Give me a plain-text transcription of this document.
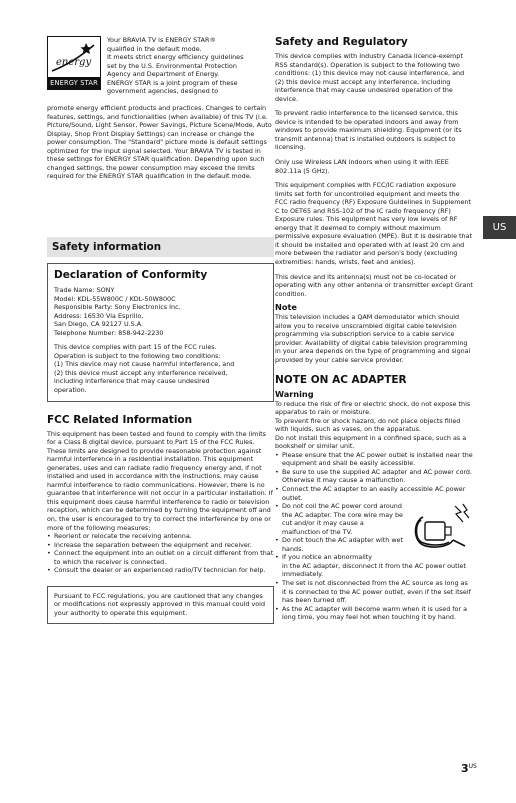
energy
ENERGY STAR

Your BRAVIA TV is ENERGY STAR®

qualified in the default mode.

It meets strict energy efficiency guidelines

set by the U.S. Environmental Protection

Agency and Department of Energy.

ENERGY STAR is a joint program of these

government agencies, designed to

promote energy efficient products and practices. Changes to certain features, settings, and functionalities (when available) of this TV (i.e. Picture/Sound, Light Sensor, Power Savings, Picture Scene/Mode, Auto Display, Shop Front Display Settings) can increase or change the power consumption. The "Standard" picture mode is default settings optimized for the input signal selected. Your BRAVIA TV is tested in these settings for ENERGY STAR qualification. Depending upon such changed settings, the power consumption may exceed the limits required for the ENERGY STAR qualification in the default mode.

Safety information
Declaration of Conformity

Trade Name: SONY

Model: KDL-55W800C / KDL-50W800C

Responsible Party: Sony Electronics Inc.

Address: 16530 Via Esprillo,

San Diego, CA 92127 U.S.A.

Telephone Number: 858-942-2230

This device complies with part 15 of the FCC rules.

Operation is subject to the following two conditions:

(1) This device may not cause harmful interference, and

(2) this device must accept any interference received,

including interference that may cause undesired

operation.

FCC Related Information

This equipment has been tested and found to comply with the limits for a Class B digital device, pursuant to Part 15 of the FCC Rules. These limits are designed to provide reasonable protection against harmful interference in a residential installation. This equipment generates, uses and can radiate radio frequency energy and, if not installed and used in accordance with the instructions, may cause harmful interference to radio communications. However, there is no guarantee that interference will not occur in a particular installation. If this equipment does cause harmful interference to radio or television reception, which can be determined by turning the equipment off and on, the user is encouraged to try to correct the interference by one or more of the following measures:

• Reorient or relocate the receiving antenna.
• Increase the separation between the equipment and receiver.
• Connect the equipment into an outlet on a circuit different from that to which the receiver is connected.
• Consult the dealer or an experienced radio/TV technician for help.

Pursuant to FCC regulations, you are cautioned that any changes or modifications not expressly approved in this manual could void your authority to operate this equipment.

Safety and Regulatory

This device complies with Industry Canada licence-exempt RSS standard(s). Operation is subject to the following two conditions: (1) this device may not cause interference, and (2) this device must accept any interference, including interference that may cause undesired operation of the device.

To prevent radio interference to the licensed service, this device is intended to be operated indoors and away from windows to provide maximum shielding. Equipment (or its transmit antenna) that is installed outdoors is subject to licensing.

Only use Wireless LAN indoors when using it with IEEE 802.11a (5 GHz).

This equipment complies with FCC/IC radiation exposure limits set forth for uncontrolled equipment and meets the FCC radio frequency (RF) Exposure Guidelines in Supplement C to OET65 and RSS-102 of the IC radio frequency (RF) Exposure rules. This equipment has very low levels of RF energy that it deemed to comply without maximum permissive exposure evaluation (MPE). But it is desirable that it should be installed and operated with at least 20 cm and more between the radiator and person's body (excluding extremities: hands, wrists, feet and ankles).

This device and its antenna(s) must not be co-located or operating with any other antenna or transmitter except Grant condition.

Note

This television includes a QAM demodulator which should allow you to receive unscrambled digital cable television programming via subscription service to a cable service provider. Availability of digital cable television programming in your area depends on the type of programming and signal provided by your cable service provider.

NOTE ON AC ADAPTER
Warning

To reduce the risk of fire or electric shock, do not expose this apparatus to rain or moisture.

To prevent fire or shock hazard, do not place objects filled with liquids, such as vases, on the apparatus.

Do not install this equipment in a confined space, such as a bookshelf or similar unit.

• Please ensure that the AC power outlet is installed near the equipment and shall be easily accessible.
• Be sure to use the supplied AC adapter and AC power cord. Otherwise it may cause a malfunction.
• Connect the AC adapter to an easily accessible AC power outlet.
• Do not coil the AC power cord around the AC adapter. The core wire may be cut and/or it may cause a malfunction of the TV.
• Do not touch the AC adapter with wet hands.
• If you notice an abnormality

in the AC adapter, disconnect it from the AC power outlet immediately.

• The set is not disconnected from the AC source as long as it is connected to the AC power outlet, even if the set itself has been turned off.
• As the AC adapter will become warm when it is used for a long time, you may feel hot when touching it by hand.
US
$3^{US}$
